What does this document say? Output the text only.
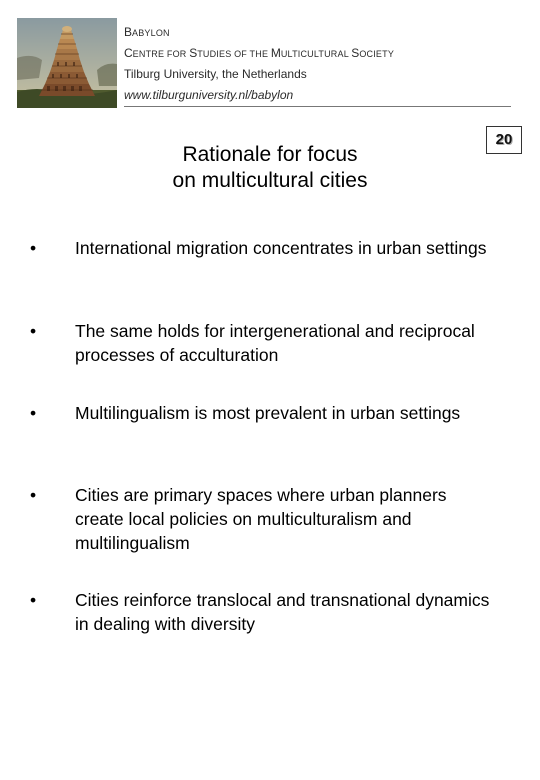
BABYLON
CENTRE FOR STUDIES OF THE MULTICULTURAL SOCIETY
Tilburg University, the Netherlands
www.tilburguniversity.nl/babylon
20
Rationale for focus
on multicultural cities
•	International migration concentrates in urban settings
•	The same holds for intergenerational and reciprocal processes of acculturation
•	Multilingualism is most prevalent in urban settings
•	Cities are primary spaces where urban planners create local policies on multiculturalism and multilingualism
•	Cities reinforce translocal and transnational dynamics in dealing with diversity
